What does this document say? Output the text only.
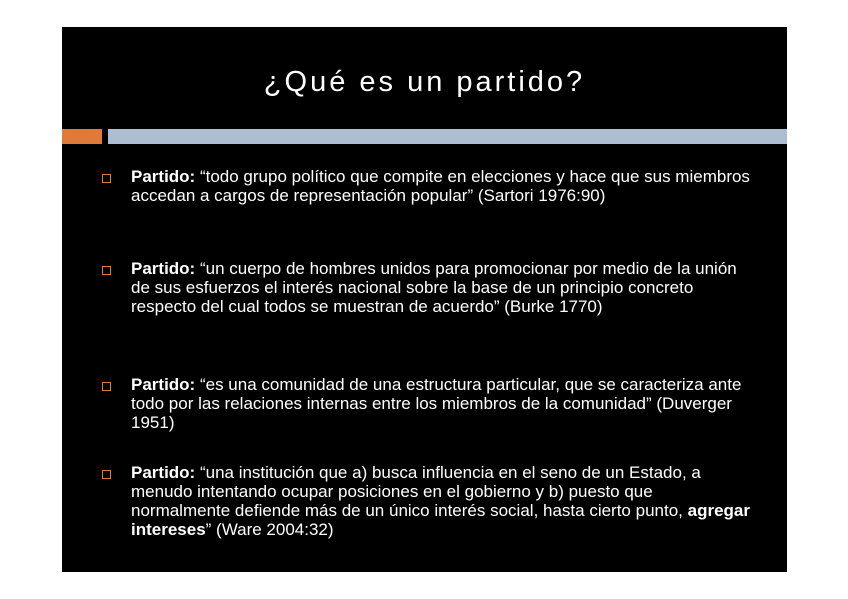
¿Qué es un partido?
Partido: “todo grupo político que compite en elecciones y hace que sus miembros accedan a cargos de representación popular” (Sartori 1976:90)
Partido: “un cuerpo de hombres unidos para promocionar por medio de la unión de sus esfuerzos el interés nacional sobre la base de un principio concreto respecto del cual todos se muestran de acuerdo” (Burke 1770)
Partido: “es una comunidad de una estructura particular, que se caracteriza ante todo por las relaciones internas entre los miembros de la comunidad” (Duverger 1951)
Partido: “una institución que a) busca influencia en el seno de un Estado, a menudo intentando ocupar posiciones en el gobierno y b) puesto que normalmente defiende más de un único interés social, hasta cierto punto, agregar intereses” (Ware 2004:32)
